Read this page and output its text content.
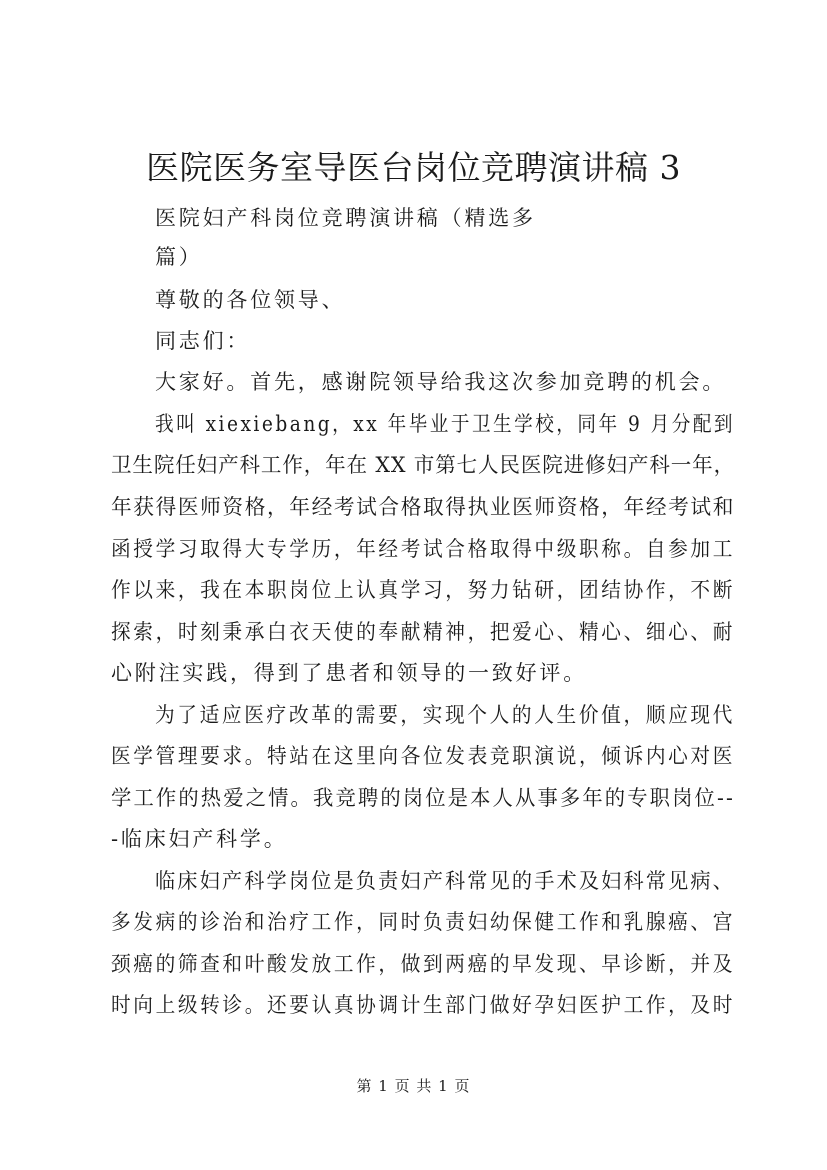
医院医务室导医台岗位竞聘演讲稿 3

医院妇产科岗位竞聘演讲稿（精选多

篇）

尊敬的各位领导、

同志们：

大家好。首先，感谢院领导给我这次参加竞聘的机会。

我叫 xiexiebang，xx 年毕业于卫生学校，同年 9 月分配到

卫生院任妇产科工作，年在 XX 市第七人民医院进修妇产科一年，

年获得医师资格，年经考试合格取得执业医师资格，年经考试和

函授学习取得大专学历，年经考试合格取得中级职称。自参加工

作以来，我在本职岗位上认真学习，努力钻研，团结协作，不断

探索，时刻秉承白衣天使的奉献精神，把爱心、精心、细心、耐

心附注实践，得到了患者和领导的一致好评。

为了适应医疗改革的需要，实现个人的人生价值，顺应现代

医学管理要求。特站在这里向各位发表竞职演说，倾诉内心对医

学工作的热爱之情。我竞聘的岗位是本人从事多年的专职岗位--

-临床妇产科学。

临床妇产科学岗位是负责妇产科常见的手术及妇科常见病、

多发病的诊治和治疗工作，同时负责妇幼保健工作和乳腺癌、宫

颈癌的筛查和叶酸发放工作，做到两癌的早发现、早诊断，并及

时向上级转诊。还要认真协调计生部门做好孕妇医护工作，及时

第 1 页 共 1 页
